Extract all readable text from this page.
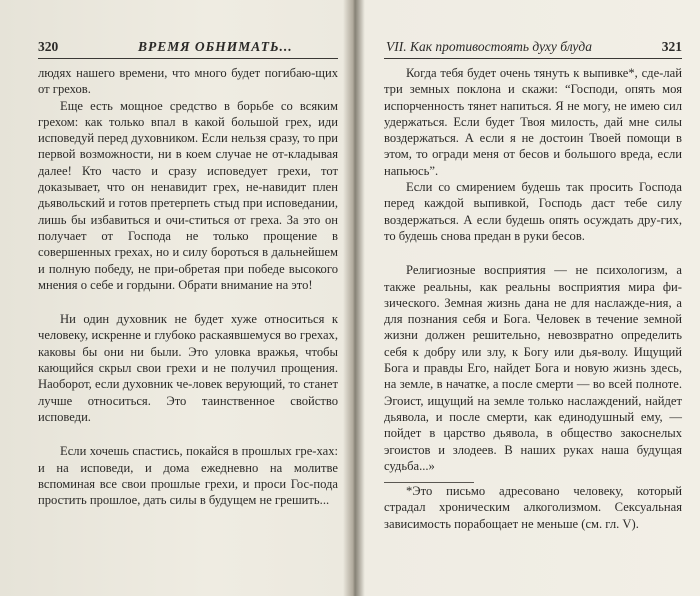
320	ВРЕМЯ ОБНИМАТЬ...

людях нашего времени, что много будет погибаю-щих от грехов.

Еще есть мощное средство в борьбе со всяким грехом: как только впал в какой большой грех, иди исповедуй перед духовником. Если нельзя сразу, то при первой возможности, ни в коем случае не от-кладывая далее! Кто часто и сразу исповедует грехи, тот доказывает, что он ненавидит грех, не-навидит плен дьявольский и готов претерпеть стыд при исповедании, лишь бы избавиться и очи-ститься от греха. За это он получает от Господа не только прощение в совершенных грехах, но и силу бороться в дальнейшем и полную победу, не при-обретая при победе высокого мнения о себе и гордыни. Обрати внимание на это!

Ни один духовник не будет хуже относиться к человеку, искренне и глубоко раскаявшемуся во грехах, каковы бы они ни были. Это уловка вражья, чтобы кающийся скрыл свои грехи и не получил прощения. Наоборот, если духовник че-ловек верующий, то станет лучше относиться. Это таинственное свойство исповеди.

Если хочешь спастись, покайся в прошлых гре-хах: и на исповеди, и дома ежедневно на молитве вспоминая все свои прошлые грехи, и проси Гос-пода простить прошлое, дать силы в будущем не грешить...

VII. Как противостоять духу блуда	321

Когда тебя будет очень тянуть к выпивке*, сде-лай три земных поклона и скажи: “Господи, опять моя испорченность тянет напиться. Я не могу, не имею сил удержаться. Если будет Твоя милость, дай мне силы воздержаться. А если я не достоин Твоей помощи в этом, то огради меня от бесов и большого вреда, если напьюсь”.

Если со смирением будешь так просить Господа перед каждой выпивкой, Господь даст тебе силу воздержаться. А если будешь опять осуждать дру-гих, то будешь снова предан в руки бесов.

Религиозные восприятия — не психологизм, а также реальны, как реальны восприятия мира фи-зического. Земная жизнь дана не для наслажде-ния, а для познания себя и Бога. Человек в течение земной жизни должен решительно, невозвратно определить себя к добру или злу, к Богу или дья-волу. Ищущий Бога и правды Его, найдет Бога и новую жизнь здесь, на земле, в начатке, а после смерти — во всей полноте. Эгоист, ищущий на земле только наслаждений, найдет дьявола, и после смерти, как единодушный ему, — пойдет в царство дьявола, в общество закоснелых эгоистов и злодеев. В наших руках наша будущая судьба...»

*Это письмо адресовано человеку, который страдал хроническим алкоголизмом. Сексуальная зависимость порабощает не меньше (см. гл. V).
